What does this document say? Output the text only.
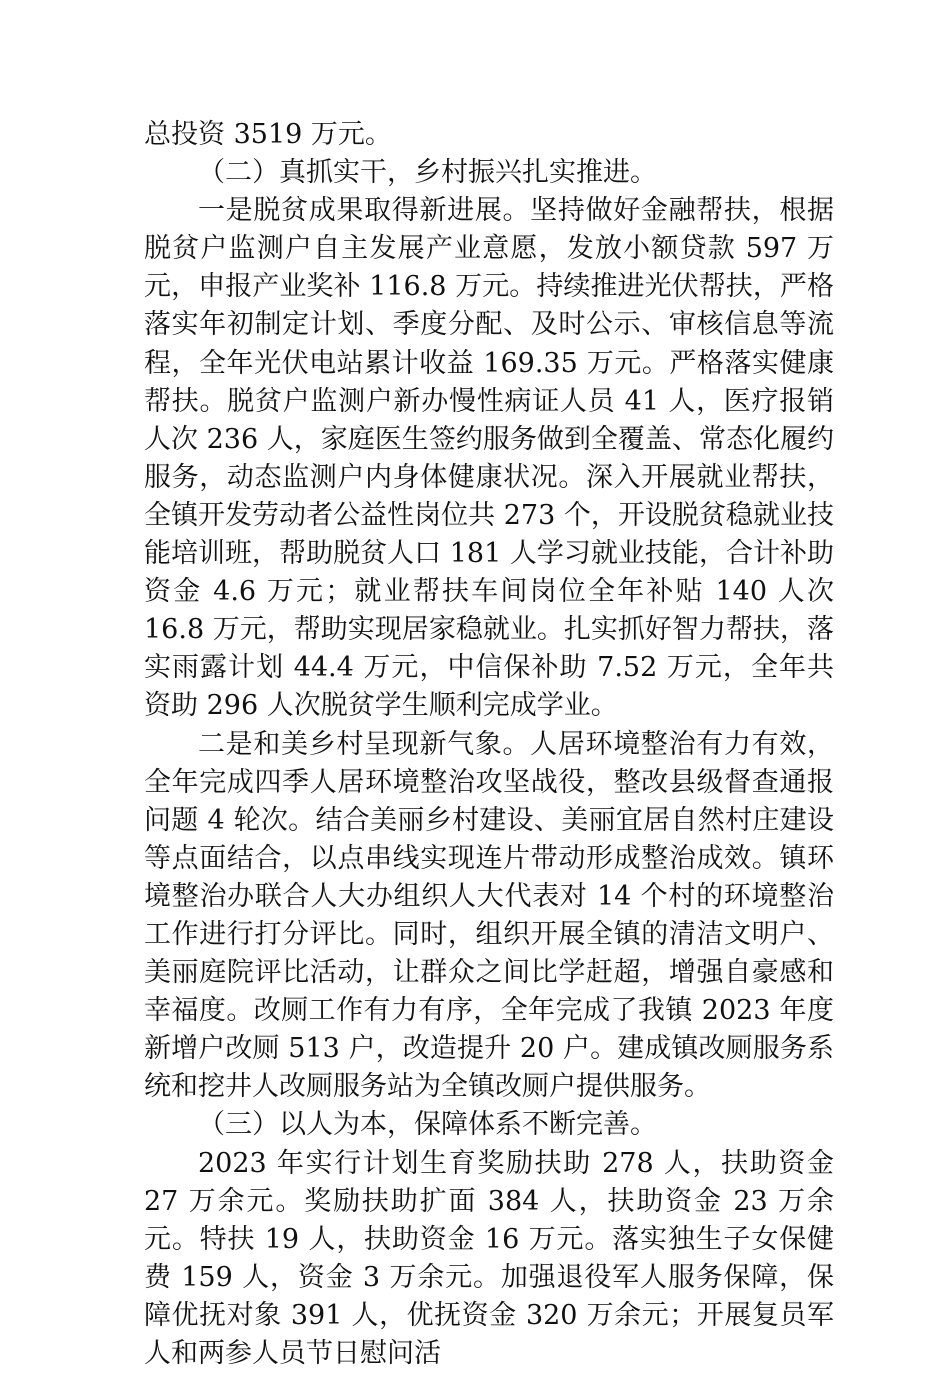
总投资 3519 万元。

（二）真抓实干，乡村振兴扎实推进。

一是脱贫成果取得新进展。坚持做好金融帮扶，根据脱贫户监测户自主发展产业意愿，发放小额贷款 597 万元，申报产业奖补 116.8 万元。持续推进光伏帮扶，严格落实年初制定计划、季度分配、及时公示、审核信息等流程，全年光伏电站累计收益 169.35 万元。严格落实健康帮扶。脱贫户监测户新办慢性病证人员 41 人，医疗报销人次 236 人，家庭医生签约服务做到全覆盖、常态化履约服务，动态监测户内身体健康状况。深入开展就业帮扶，全镇开发劳动者公益性岗位共 273 个，开设脱贫稳就业技能培训班，帮助脱贫人口 181 人学习就业技能，合计补助资金 4.6 万元；就业帮扶车间岗位全年补贴 140 人次 16.8 万元，帮助实现居家稳就业。扎实抓好智力帮扶，落实雨露计划 44.4 万元，中信保补助 7.52 万元，全年共资助 296 人次脱贫学生顺利完成学业。

二是和美乡村呈现新气象。人居环境整治有力有效，全年完成四季人居环境整治攻坚战役，整改县级督查通报问题 4 轮次。结合美丽乡村建设、美丽宜居自然村庄建设等点面结合，以点串线实现连片带动形成整治成效。镇环境整治办联合人大办组织人大代表对 14 个村的环境整治工作进行打分评比。同时，组织开展全镇的清洁文明户、美丽庭院评比活动，让群众之间比学赶超，增强自豪感和幸福度。改厕工作有力有序，全年完成了我镇 2023 年度新增户改厕 513 户，改造提升 20 户。建成镇改厕服务系统和挖井人改厕服务站为全镇改厕户提供服务。

（三）以人为本，保障体系不断完善。

2023 年实行计划生育奖励扶助 278 人，扶助资金 27 万余元。奖励扶助扩面 384 人，扶助资金 23 万余元。特扶 19 人，扶助资金 16 万元。落实独生子女保健费 159 人，资金 3 万余元。加强退役军人服务保障，保障优抚对象 391 人，优抚资金 320 万余元；开展复员军人和两参人员节日慰问活
